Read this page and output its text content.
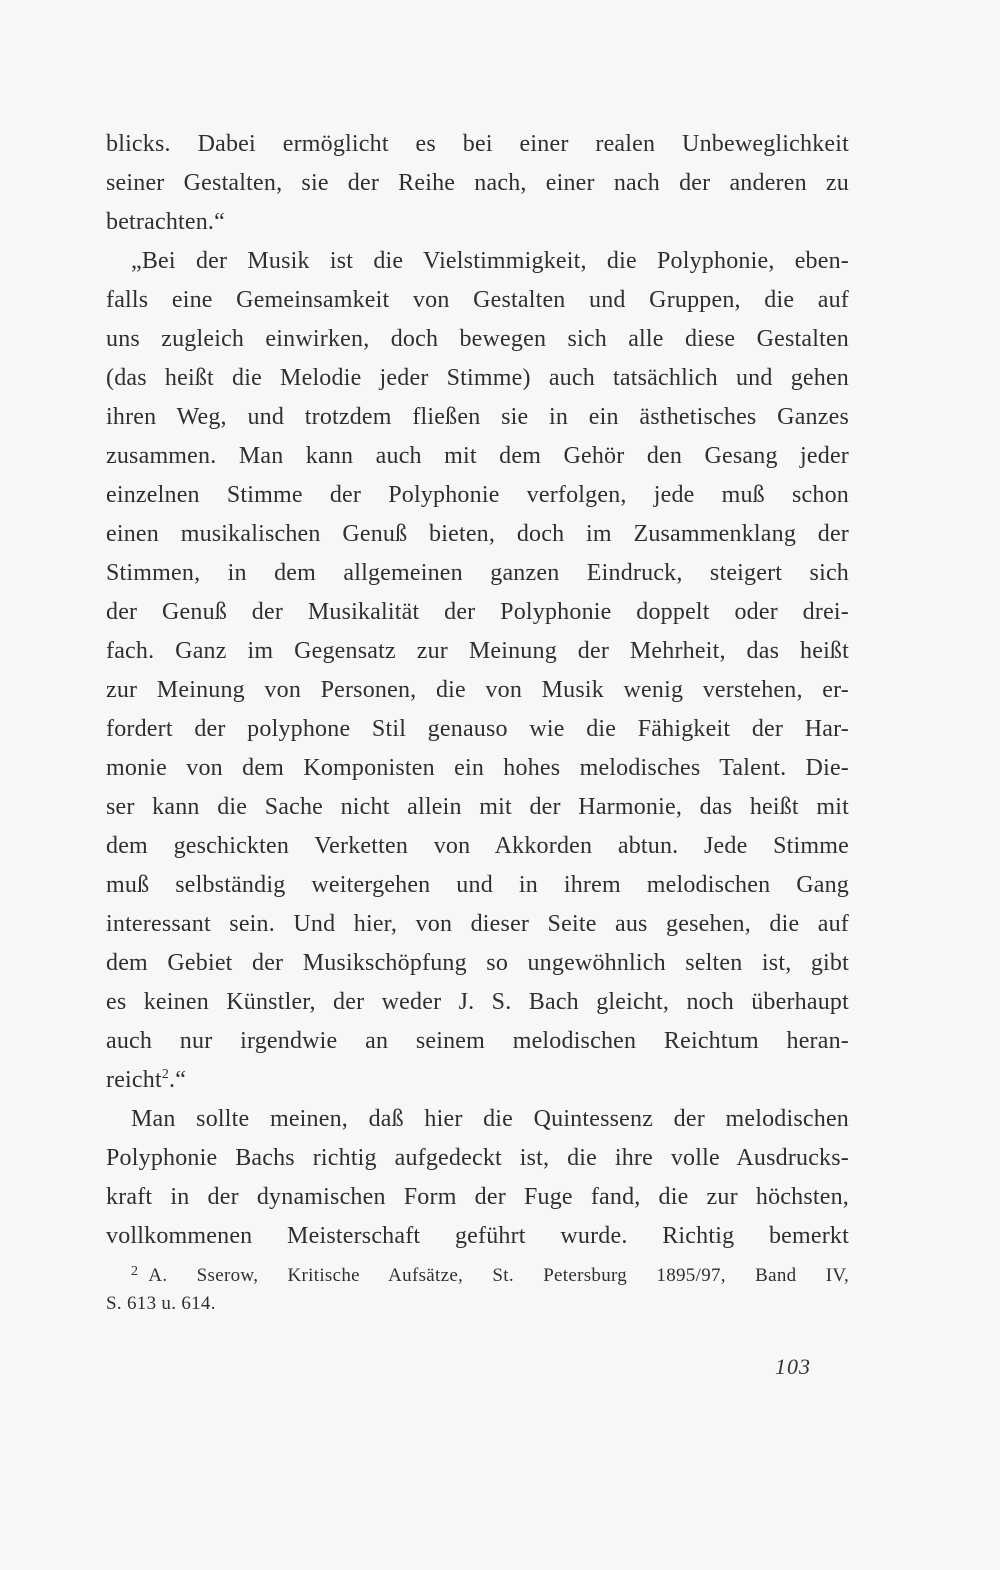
blicks. Dabei ermöglicht es bei einer realen Unbeweglichkeit
seiner Gestalten, sie der Reihe nach, einer nach der anderen zu
betrachten.“
„Bei der Musik ist die Vielstimmigkeit, die Polyphonie, eben-
falls eine Gemeinsamkeit von Gestalten und Gruppen, die auf
uns zugleich einwirken, doch bewegen sich alle diese Gestalten
(das heißt die Melodie jeder Stimme) auch tatsächlich und gehen
ihren Weg, und trotzdem fließen sie in ein ästhetisches Ganzes
zusammen. Man kann auch mit dem Gehör den Gesang jeder
einzelnen Stimme der Polyphonie verfolgen, jede muß schon
einen musikalischen Genuß bieten, doch im Zusammenklang der
Stimmen, in dem allgemeinen ganzen Eindruck, steigert sich
der Genuß der Musikalität der Polyphonie doppelt oder drei-
fach. Ganz im Gegensatz zur Meinung der Mehrheit, das heißt
zur Meinung von Personen, die von Musik wenig verstehen, er-
fordert der polyphone Stil genauso wie die Fähigkeit der Har-
monie von dem Komponisten ein hohes melodisches Talent. Die-
ser kann die Sache nicht allein mit der Harmonie, das heißt mit
dem geschickten Verketten von Akkorden abtun. Jede Stimme
muß selbständig weitergehen und in ihrem melodischen Gang
interessant sein. Und hier, von dieser Seite aus gesehen, die auf
dem Gebiet der Musikschöpfung so ungewöhnlich selten ist, gibt
es keinen Künstler, der weder J. S. Bach gleicht, noch überhaupt
auch nur irgendwie an seinem melodischen Reichtum heran-
reicht$^2$.“
Man sollte meinen, daß hier die Quintessenz der melodischen
Polyphonie Bachs richtig aufgedeckt ist, die ihre volle Ausdrucks-
kraft in der dynamischen Form der Fuge fand, die zur höchsten,
vollkommenen Meisterschaft geführt wurde. Richtig bemerkt
$^2$ A. Sserow, Kritische Aufsätze, St. Petersburg 1895/97, Band IV,
S. 613 u. 614.
103
